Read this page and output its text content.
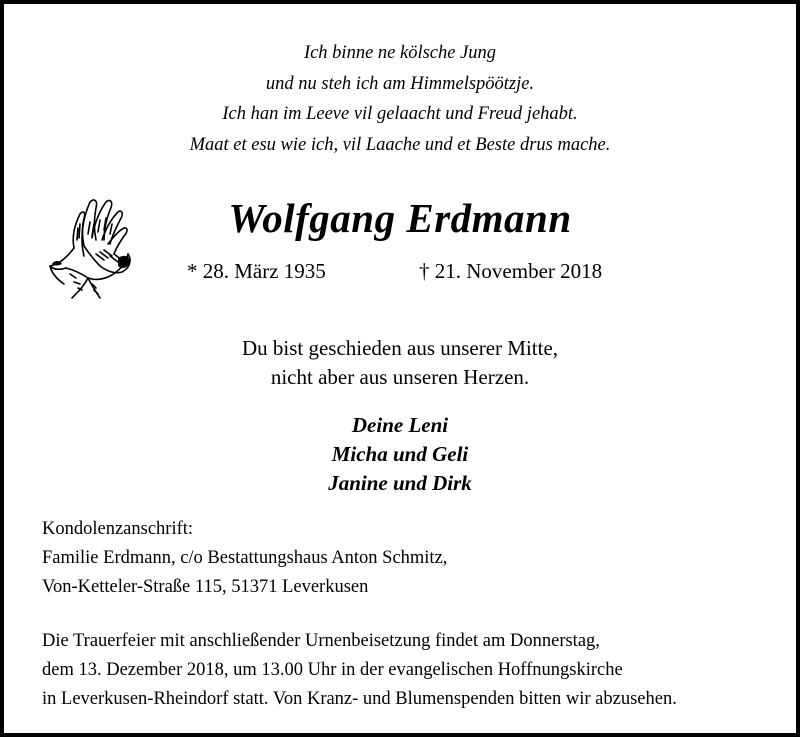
Ich binne ne kölsche Jung
und nu steh ich am Himmelspöötzje.
Ich han im Leeve vil gelaacht und Freud jehabt.
Maat et esu wie ich, vil Laache und et Beste drus mache.
Wolfgang Erdmann
* 28. März 1935	† 21. November 2018
Du bist geschieden aus unserer Mitte,
nicht aber aus unseren Herzen.
Deine Leni
Micha und Geli
Janine und Dirk
Kondolenzanschrift:
Familie Erdmann, c/o Bestattungshaus Anton Schmitz,
Von-Ketteler-Straße 115, 51371 Leverkusen
Die Trauerfeier mit anschließender Urnenbeisetzung findet am Donnerstag,
dem 13. Dezember 2018, um 13.00 Uhr in der evangelischen Hoffnungskirche
in Leverkusen-Rheindorf statt. Von Kranz- und Blumenspenden bitten wir abzusehen.
